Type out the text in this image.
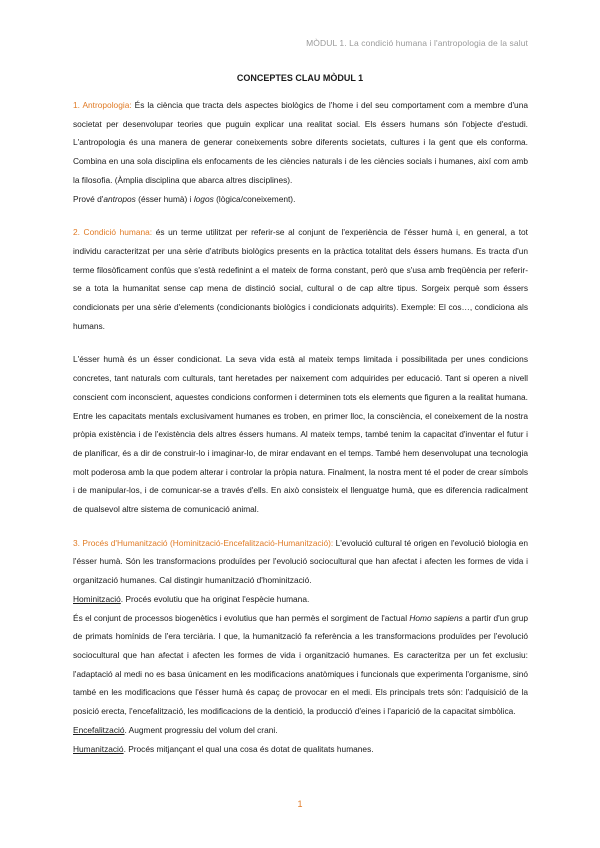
MÒDUL 1. La condició humana i l'antropologia de la salut
CONCEPTES CLAU MÒDUL 1

1. Antropologia: És la ciència que tracta dels aspectes biològics de l'home i del seu comportament com a membre d'una societat per desenvolupar teories que puguin explicar una realitat social. Els éssers humans són l'objecte d'estudi. L'antropologia és una manera de generar coneixements sobre diferents societats, cultures i la gent que els conforma. Combina en una sola disciplina els enfocaments de les ciències naturals i de les ciències socials i humanes, així com amb la filosofia. (Àmplia disciplina que abarca altres disciplines).

Prové d'antropos (ésser humà) i logos (lògica/coneixement).

2. Condició humana: és un terme utilitzat per referir-se al conjunt de l'experiència de l'ésser humà i, en general, a tot individu caracteritzat per una sèrie d'atributs biològics presents en la pràctica totalitat dels éssers humans. Es tracta d'un terme filosòficament confús que s'està redefinint a el mateix de forma constant, però que s'usa amb freqüència per referir-se a tota la humanitat sense cap mena de distinció social, cultural o de cap altre tipus. Sorgeix perquè som éssers condicionats per una sèrie d'elements (condicionants biològics i condicionats adquirits). Exemple: El cos…, condiciona als humans.

L'ésser humà és un ésser condicionat. La seva vida està al mateix temps limitada i possibilitada per unes condicions concretes, tant naturals com culturals, tant heretades per naixement com adquirides per educació. Tant si operen a nivell conscient com inconscient, aquestes condicions conformen i determinen tots els elements que figuren a la realitat humana. Entre les capacitats mentals exclusivament humanes es troben, en primer lloc, la consciència, el coneixement de la nostra pròpia existència i de l'existència dels altres éssers humans. Al mateix temps, també tenim la capacitat d'inventar el futur i de planificar, és a dir de construir-lo i imaginar-lo, de mirar endavant en el temps. També hem desenvolupat una tecnologia molt poderosa amb la que podem alterar i controlar la pròpia natura. Finalment, la nostra ment té el poder de crear símbols i de manipular-los, i de comunicar-se a través d'ells. En això consisteix el llenguatge humà, que es diferencia radicalment de qualsevol altre sistema de comunicació animal.

3. Procés d'Humanització (Hominització-Encefalització-Humanització): L'evolució cultural té origen en l'evolució biologia en l'ésser humà. Són les transformacions produïdes per l'evolució sociocultural que han afectat i afecten les formes de vida i organització humanes. Cal distingir humanització d'hominització.

Hominització. Procés evolutiu que ha originat l'espècie humana.

És el conjunt de processos biogenètics i evolutius que han permès el sorgiment de l'actual Homo sapiens a partir d'un grup de primats homínids de l'era terciària. I que, la humanització fa referència a les transformacions produïdes per l'evolució sociocultural que han afectat i afecten les formes de vida i organització humanes. Es caracteritza per un fet exclusiu: l'adaptació al medi no es basa únicament en les modificacions anatòmiques i funcionals que experimenta l'organisme, sinó també en les modificacions que l'ésser humà és capaç de provocar en el medi. Els principals trets són: l'adquisició de la posició erecta, l'encefalització, les modificacions de la dentició, la producció d'eines i l'aparició de la capacitat simbòlica.

Encefalització. Augment progressiu del volum del crani.

Humanització. Procés mitjançant el qual una cosa és dotat de qualitats humanes.

1
